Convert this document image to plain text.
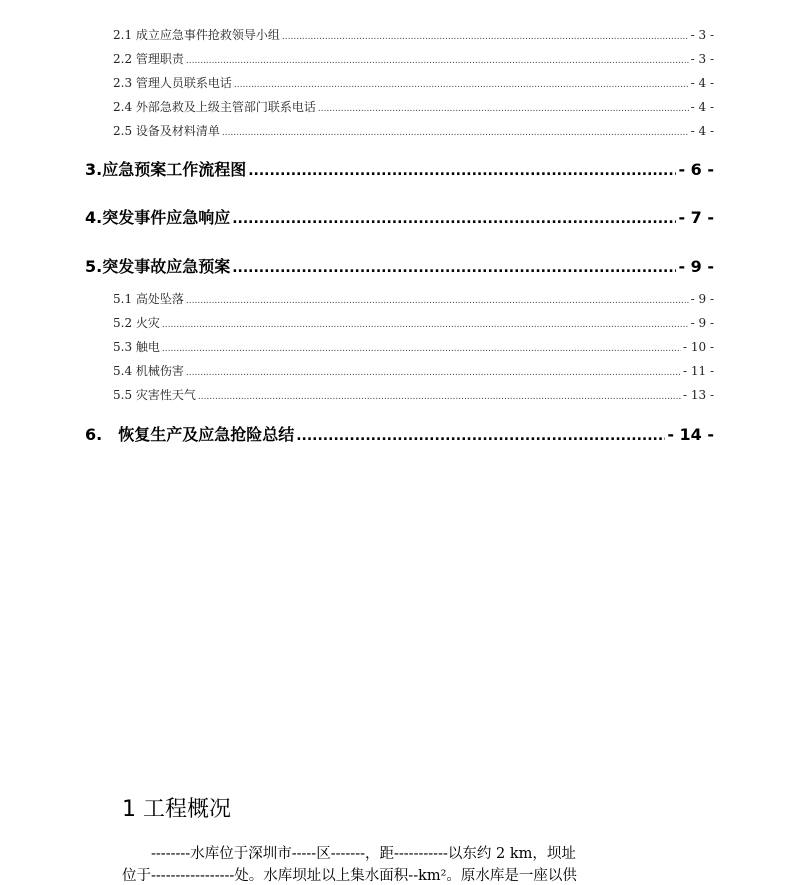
2.1 成立应急事件抢救领导小组 .....	- 3 -
2.2 管理职责 .....	- 3 -
2.3 管理人员联系电话 .....	- 4 -
2.4 外部急救及上级主管部门联系电话 .....	- 4 -
2.5 设备及材料清单 .....	- 4 -
3.应急预案工作流程图 .....	- 6 -
4.突发事件应急响应 .....	- 7 -
5.突发事故应急预案 .....	- 9 -
5.1 高处坠落 .....	- 9 -
5.2 火灾 .....	- 9 -
5.3 触电 .....	- 10 -
5.4 机械伤害 .....	- 11 -
5.5 灾害性天气 .....	- 13 -
6.　恢复生产及应急抢险总结 .....	- 14 -
1 工程概况
　　--------水库位于深圳市-----区-------，距-----------以东约 2 km，坝址
位于-----------------处。水库坝址以上集水面积--km²。原水库是一座以供
